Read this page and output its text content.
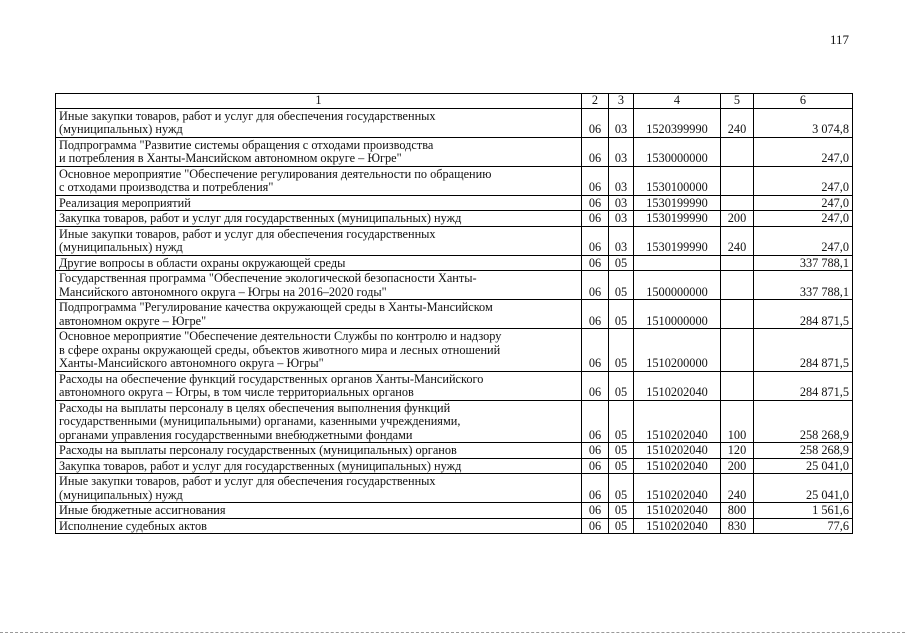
117
1	2	3	4	5	6
Иные закупки товаров, работ и услуг для обеспечения государственных
(муниципальных) нужд	06	03	1520399990	240	3 074,8
Подпрограмма "Развитие системы обращения с отходами производства
и потребления в Ханты-Мансийском автономном округе – Югре"	06	03	1530000000		247,0
Основное мероприятие "Обеспечение регулирования деятельности по обращению
с отходами производства и потребления"	06	03	1530100000		247,0
Реализация мероприятий	06	03	1530199990		247,0
Закупка товаров, работ и услуг для государственных (муниципальных) нужд	06	03	1530199990	200	247,0
Иные закупки товаров, работ и услуг для обеспечения государственных
(муниципальных) нужд	06	03	1530199990	240	247,0
Другие вопросы в области охраны окружающей среды	06	05			337 788,1
Государственная программа "Обеспечение экологической безопасности Ханты-
Мансийского автономного округа – Югры на 2016–2020 годы"	06	05	1500000000		337 788,1
Подпрограмма "Регулирование качества окружающей среды в Ханты-Мансийском
автономном округе – Югре"	06	05	1510000000		284 871,5
Основное мероприятие "Обеспечение деятельности Службы по контролю и надзору
в сфере охраны окружающей среды, объектов животного мира и лесных отношений
Ханты-Мансийского автономного округа – Югры"	06	05	1510200000		284 871,5
Расходы на обеспечение функций государственных органов Ханты-Мансийского
автономного округа – Югры, в том числе территориальных органов	06	05	1510202040		284 871,5
Расходы на выплаты персоналу в целях обеспечения выполнения функций
государственными (муниципальными) органами, казенными учреждениями,
органами управления государственными внебюджетными фондами	06	05	1510202040	100	258 268,9
Расходы на выплаты персоналу государственных (муниципальных) органов	06	05	1510202040	120	258 268,9
Закупка товаров, работ и услуг для государственных (муниципальных) нужд	06	05	1510202040	200	25 041,0
Иные закупки товаров, работ и услуг для обеспечения государственных
(муниципальных) нужд	06	05	1510202040	240	25 041,0
Иные бюджетные ассигнования	06	05	1510202040	800	1 561,6
Исполнение судебных актов	06	05	1510202040	830	77,6
